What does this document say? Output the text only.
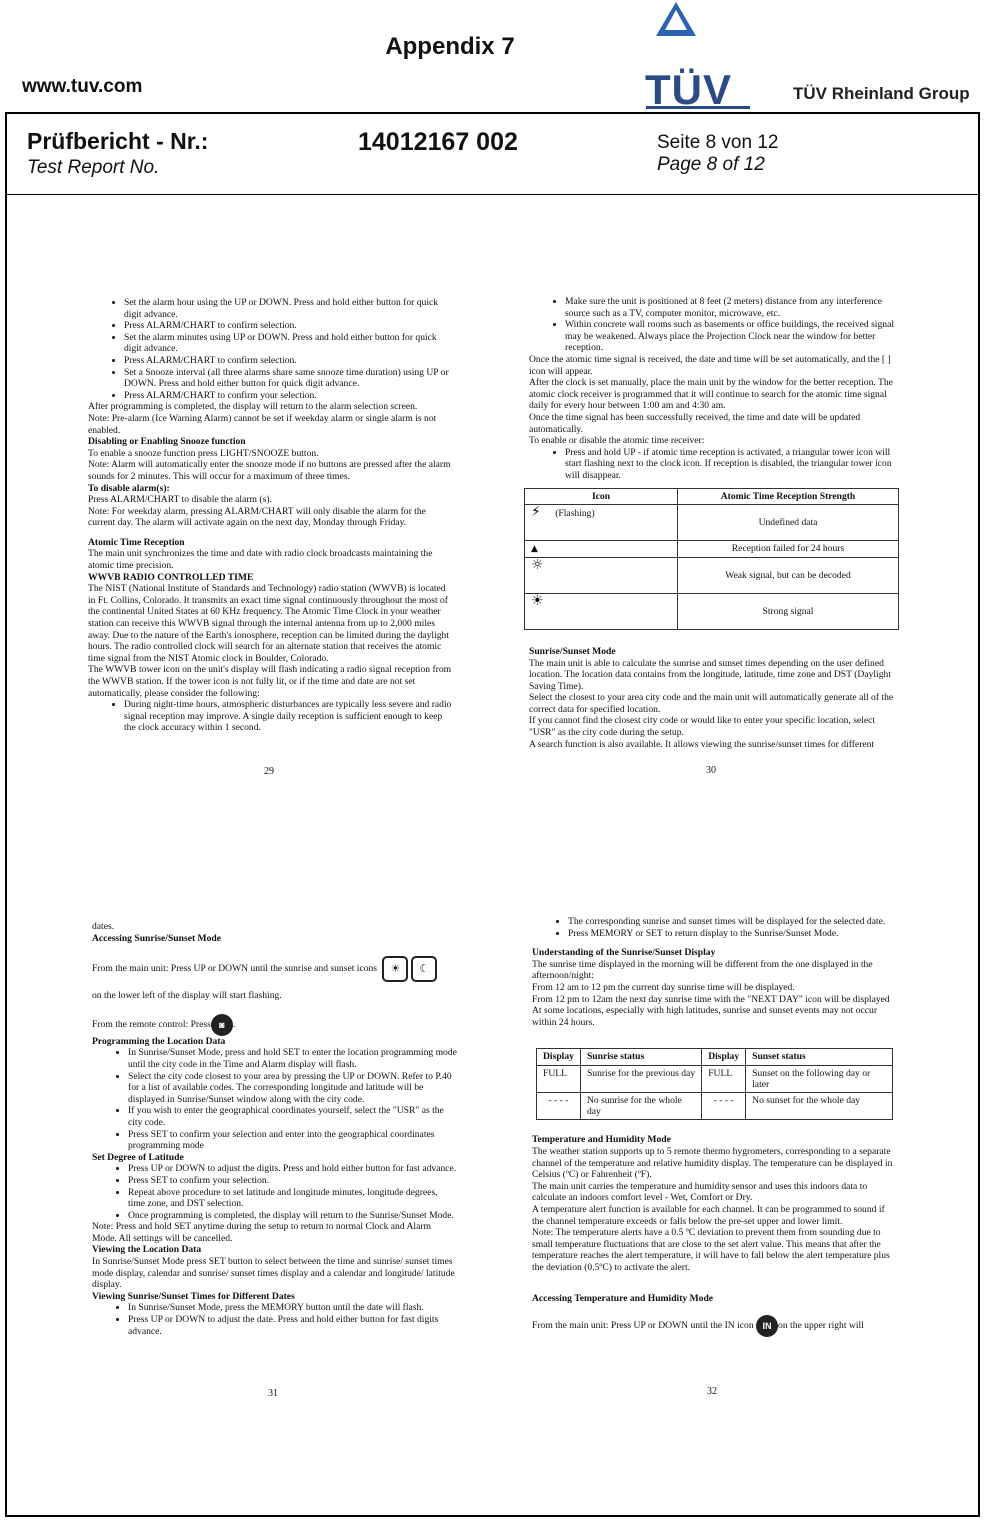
Appendix 7
www.tuv.com	TÜV	TÜV Rheinland Group
Prüfbericht - Nr.:
Test Report No.
14012167 002	Seite 8 von 12
Page 8 of 12
• Set the alarm hour using the UP or DOWN. Press and hold either button for quick digit advance.
• Press ALARM/CHART to confirm selection.
• Set the alarm minutes using UP or DOWN. Press and hold either button for quick digit advance.
• Press ALARM/CHART to confirm selection.
• Set a Snooze interval (all three alarms share same snooze time duration) using UP or DOWN. Press and hold either button for quick digit advance.
• Press ALARM/CHART to confirm your selection.

After programming is completed, the display will return to the alarm selection screen.

Note: Pre-alarm (Ice Warning Alarm) cannot be set if weekday alarm or single alarm is not enabled.

Disabling or Enabling Snooze function

To enable a snooze function press LIGHT/SNOOZE button.

Note: Alarm will automatically enter the snooze mode if no buttons are pressed after the alarm sounds for 2 minutes. This will occur for a maximum of three times.

To disable alarm(s):

Press ALARM/CHART to disable the alarm (s).

Note: For weekday alarm, pressing ALARM/CHART will only disable the alarm for the current day. The alarm will activate again on the next day, Monday through Friday.

Atomic Time Reception

The main unit synchronizes the time and date with radio clock broadcasts maintaining the atomic time precision.

WWVB RADIO CONTROLLED TIME

The NIST (National Institute of Standards and Technology) radio station (WWVB) is located in Ft. Collins, Colorado. It transmits an exact time signal continuously throughout the most of the continental United States at 60 KHz frequency. The Atomic Time Clock in your weather station can receive this WWVB signal through the internal antenna from up to 2,000 miles away. Due to the nature of the Earth's ionosphere, reception can be limited during the daylight hours. The radio controlled clock will search for an alternate station that receives the atomic time signal from the NIST Atomic clock in Boulder, Colorado.

The WWVB tower icon on the unit's display will flash indicating a radio signal reception from the WWVB station. If the tower icon is not fully lit, or if the time and date are not set automatically, please consider the following:

• During night-time hours, atmospheric disturbances are typically less severe and radio signal reception may improve. A single daily reception is sufficient enough to keep the clock accuracy within 1 second.
29
• Make sure the unit is positioned at 8 feet (2 meters) distance from any interference source such as a TV, computer monitor, microwave, etc.
• Within concrete wall rooms such as basements or office buildings, the received signal may be weakened. Always place the Projection Clock near the window for better reception.

Once the atomic time signal is received, the date and time will be set automatically, and the [ ] icon will appear.

After the clock is set manually, place the main unit by the window for the better reception. The atomic clock receiver is programmed that it will continue to search for the atomic time signal daily for every hour between 1:00 am and 4:30 am.

Once the time signal has been successfully received, the time and date will be updated automatically.

To enable or disable the atomic time receiver:

• Press and hold UP - if atomic time reception is activated, a triangular tower icon will start flashing next to the clock icon. If reception is disabled, the triangular tower icon will disappear.
Icon	Atomic Time Reception Strength
⚡ (Flashing)	Undefined data
▲	Reception failed for 24 hours
☼	Weak signal, but can be decoded
☀	Strong signal

Sunrise/Sunset Mode

The main unit is able to calculate the sunrise and sunset times depending on the user defined location. The location data contains from the longitude, latitude, time zone and DST (Daylight Saving Time).

Select the closest to your area city code and the main unit will automatically generate all of the correct data for specified location.

If you cannot find the closest city code or would like to enter your specific location, select "USR" as the city code during the setup.

A search function is also available. It allows viewing the sunrise/sunset times for different

30

dates.

Accessing Sunrise/Sunset Mode

From the main unit: Press UP or DOWN until the sunrise and sunset icons ☀ ☾

on the lower left of the display will start flashing.

From the remote control: Press ◙ .

Programming the Location Data

• In Sunrise/Sunset Mode, press and hold SET to enter the location programming mode until the city code in the Time and Alarm display will flash.
• Select the city code closest to your area by pressing the UP or DOWN. Refer to P.40 for a list of available codes. The corresponding longitude and latitude will be displayed in Sunrise/Sunset window along with the city code.
• If you wish to enter the geographical coordinates yourself, select the "USR" as the city code.
• Press SET to confirm your selection and enter into the geographical coordinates programming mode

Set Degree of Latitude

• Press UP or DOWN to adjust the digits. Press and hold either button for fast advance.
• Press SET to confirm your selection.
• Repeat above procedure to set latitude and longitude minutes, longitude degrees, time zone, and DST selection.
• Once programming is completed, the display will return to the Sunrise/Sunset Mode.

Note: Press and hold SET anytime during the setup to return to normal Clock and Alarm Mode. All settings will be cancelled.

Viewing the Location Data

In Sunrise/Sunset Mode press SET button to select between the time and sunrise/ sunset times mode display, calendar and sunrise/ sunset times display and a calendar and longitude/ latitude display.

Viewing Sunrise/Sunset Times for Different Dates

• In Sunrise/Sunset Mode, press the MEMORY button until the date will flash.
• Press UP or DOWN to adjust the date. Press and hold either button for fast digits advance.
31
• The corresponding sunrise and sunset times will be displayed for the selected date.
• Press MEMORY or SET to return display to the Sunrise/Sunset Mode.

Understanding of the Sunrise/Sunset Display

The sunrise time displayed in the morning will be different from the one displayed in the afternoon/night:

From 12 am to 12 pm the current day sunrise time will be displayed.

From 12 pm to 12am the next day sunrise time with the "NEXT DAY" icon will be displayed

At some locations, especially with high latitudes, sunrise and sunset events may not occur within 24 hours.

Display	Sunrise status	Display	Sunset status
FULL	Sunrise for the previous day	FULL	Sunset on the following day or later
- - - -	No sunrise for the whole day	- - - -	No sunset for the whole day

Temperature and Humidity Mode

The weather station supports up to 5 remote thermo hygrometers, corresponding to a separate channel of the temperature and relative humidity display. The temperature can be displayed in Celsius (ºC) or Fahrenheit (ºF).

The main unit carries the temperature and humidity sensor and uses this indoors data to calculate an indoors comfort level - Wet, Comfort or Dry.

A temperature alert function is available for each channel. It can be programmed to sound if the channel temperature exceeds or falls below the pre-set upper and lower limit.

Note: The temperature alerts have a 0.5 ºC deviation to prevent them from sounding due to small temperature fluctuations that are close to the set alert value. This means that after the temperature reaches the alert temperature, it will have to fall below the alert temperature plus the deviation (0.5ºC) to activate the alert.

Accessing Temperature and Humidity Mode

From the main unit: Press UP or DOWN until the IN icon IN on the upper right will

32
